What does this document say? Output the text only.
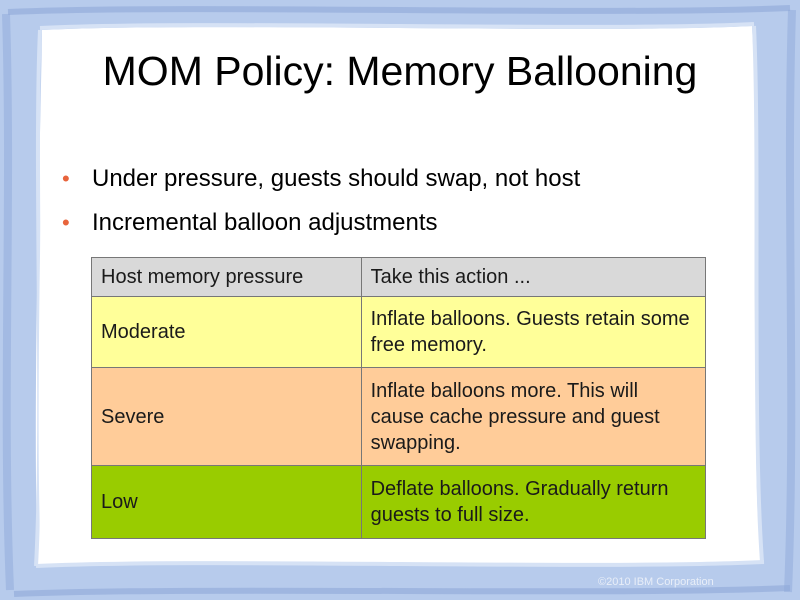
MOM Policy: Memory Ballooning
• Under pressure, guests should swap, not host
• Incremental balloon adjustments
Host memory pressure	Take this action ...
Moderate	Inflate balloons. Guests retain some free memory.
Severe	Inflate balloons more. This will cause cache pressure and guest swapping.
Low	Deflate balloons. Gradually return guests to full size.
©2010 IBM Corporation
